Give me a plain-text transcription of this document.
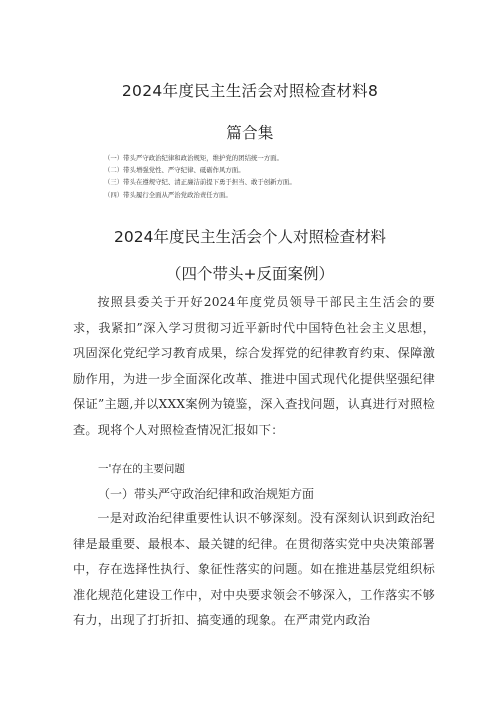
2024年度民主生活会对照检查材料8
篇合集
（一）带头严守政治纪律和政治规矩，维护党的团结统一方面。
（二）带头增强党性、严守纪律、砥砺作风方面。
（三）带头在遵规守纪、清正廉洁前提下勇于担当、敢于创新方面。
（四）带头履行全面从严治党政治责任方面。
2024年度民主生活会个人对照检查材料
（四个带头+反面案例）

按照县委关于开好2024年度党员领导干部民主生活会的要求，我紧扣”深入学习贯彻习近平新时代中国特色社会主义思想，巩固深化党纪学习教育成果，综合发挥党的纪律教育约束、保障激励作用，为进一步全面深化改革、推进中国式现代化提供坚强纪律保证”主题,并以XXX案例为镜鉴，深入查找问题，认真进行对照检查。现将个人对照检查情况汇报如下：

一'存在的主要问题
（一）带头严守政治纪律和政治规矩方面

一是对政治纪律重要性认识不够深刻。没有深刻认识到政治纪律是最重要、最根本、最关键的纪律。在贯彻落实党中央决策部署中，存在选择性执行、象征性落实的问题。如在推进基层党组织标准化规范化建设工作中，对中央要求领会不够深入，工作落实不够有力，出现了打折扣、搞变通的现象。在严肃党内政治
